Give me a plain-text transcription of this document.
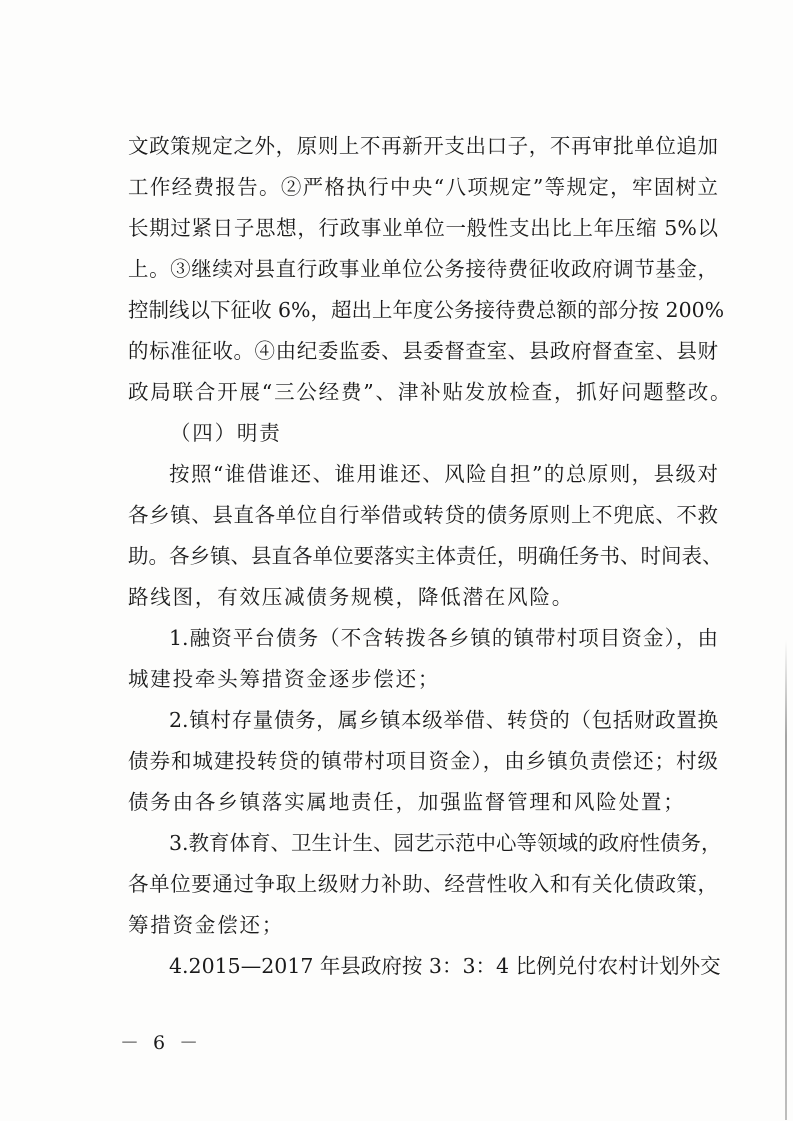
文政策规定之外，原则上不再新开支出口子，不再审批单位追加
工作经费报告。②严格执行中央“八项规定”等规定，牢固树立
长期过紧日子思想，行政事业单位一般性支出比上年压缩 5%以
上。③继续对县直行政事业单位公务接待费征收政府调节基金，
控制线以下征收 6%，超出上年度公务接待费总额的部分按 200%
的标准征收。④由纪委监委、县委督查室、县政府督查室、县财
政局联合开展“三公经费”、津补贴发放检查，抓好问题整改。
（四）明责
按照“谁借谁还、谁用谁还、风险自担”的总原则，县级对
各乡镇、县直各单位自行举借或转贷的债务原则上不兜底、不救
助。各乡镇、县直各单位要落实主体责任，明确任务书、时间表、
路线图，有效压减债务规模，降低潜在风险。
1.融资平台债务（不含转拨各乡镇的镇带村项目资金），由
城建投牵头筹措资金逐步偿还；
2.镇村存量债务，属乡镇本级举借、转贷的（包括财政置换
债券和城建投转贷的镇带村项目资金），由乡镇负责偿还；村级
债务由各乡镇落实属地责任，加强监督管理和风险处置；
3.教育体育、卫生计生、园艺示范中心等领域的政府性债务，
各单位要通过争取上级财力补助、经营性收入和有关化债政策，
筹措资金偿还；
4.2015—2017 年县政府按 3：3：4 比例兑付农村计划外交
－ 6 －
